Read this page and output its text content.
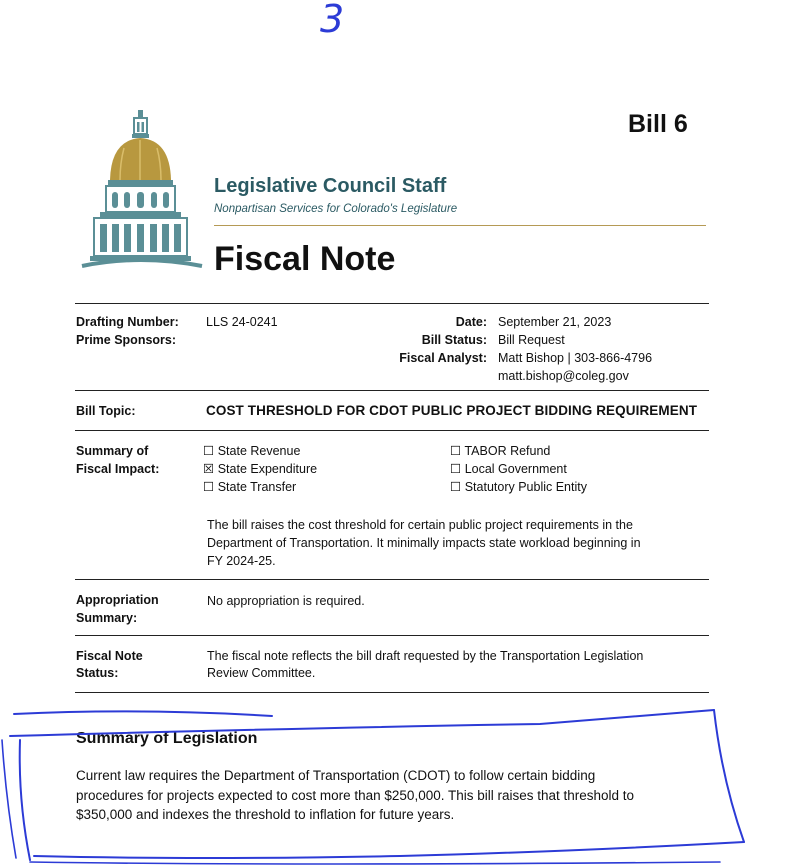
3
Bill 6
Legislative Council Staff
Nonpartisan Services for Colorado's Legislature
Fiscal Note
Drafting Number: LLS 24-0241
Prime Sponsors:
Date: September 21, 2023
Bill Status: Bill Request
Fiscal Analyst: Matt Bishop | 303-866-4796
matt.bishop@coleg.gov
Bill Topic:	COST THRESHOLD FOR CDOT PUBLIC PROJECT BIDDING REQUIREMENT
Summary of
Fiscal Impact:
☐ State Revenue
☒ State Expenditure
☐ State Transfer
☐ TABOR Refund
☐ Local Government
☐ Statutory Public Entity
The bill raises the cost threshold for certain public project requirements in the
Department of Transportation. It minimally impacts state workload beginning in
FY 2024-25.
Appropriation
Summary:
No appropriation is required.
Fiscal Note
Status:
The fiscal note reflects the bill draft requested by the Transportation Legislation
Review Committee.
Summary of Legislation
Current law requires the Department of Transportation (CDOT) to follow certain bidding
procedures for projects expected to cost more than $250,000. This bill raises that threshold to
$350,000 and indexes the threshold to inflation for future years.
